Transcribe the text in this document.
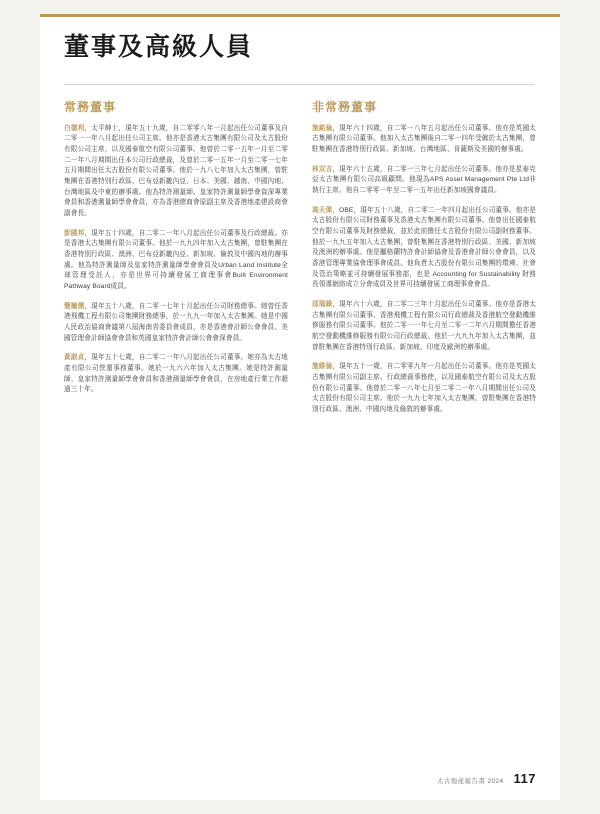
董事及高級人員
常務董事

白德利，太平紳士，現年五十九歲，自二零零八年一月起出任公司董事及自二零一一年八月起出任公司主席。他亦是香港太古集團有限公司及太古股份有限公司主席，以及國泰航空有限公司董事。他曾於二零一五年一月至二零二一年八月期間出任本公司行政總裁，及曾於二零一五年一月至二零一七年五月期間出任太古股份有限公司董事。他於一九八七年加入太古集團，曾駐集團在香港特別行政區、巴布亞新畿內亞、日本、美國、越南、中國內地、台灣地區及中東的辦事處。他為特許測量師、皇家特許測量師學會資深專業會員和香港測量師學會會員，亦為香港總商會原副主席及香港地產建設商會副會長。

彭國邦，現年五十四歲，自二零二一年八月起出任公司董事及行政總裁。亦是香港太古集團有限公司董事。他於一九九四年加入太古集團，曾駐集團在香港特別行政區、澳洲、巴布亞新畿內亞、新加坡、倫敦及中國內地的辦事處。他為特許測量師及皇家特許測量師學會會員及Urban Land Institute全球管理受託人，亦是世界可持續發展工商理事會Built Environment Pathway Board成員。

簡寵儒，現年五十八歲，自二零一七年十月起出任公司財務總事。她曾任香港飛機工程有限公司集團財務總事，於一九九一年加入太古集團。她是中國人民政治協商會議第八屆海南省委員會成員，亦是香港會計師公會會員、美國管理會計師協會會員和英國皇家特許會計師公會會深會員。

黃淑貞，現年五十七歲，自二零二一年八月起出任公司董事。她亦為太古地產有限公司營運事務董事。她於一九六六年加入太古集團。她是特許測量師、皇家特許測量師學會會員和香港測量師學會會員，在房地產行業工作超過三十年。

非常務董事

施銘倫，現年六十四歲，自二零一八年五月起出任公司董事。他亦是英國太古集團有限公司董事。他加入太古集團後自二零一四年受僱於太古集團，曾駐集團在香港特別行政區、新加坡、台灣地區、肯薩斯及美國的辦事處。

林双吉，現年六十五歲，自二零一三年七月起出任公司董事。他亦是星泰克亞太古集團有限公司高級顧問。他現為APS Asset Management Pte Ltd非執行主席。他自二零零一年至二零一五年出任新加坡國會議員。

馮天偉，OBE，現年五十八歲，自二零二一年四月起出任公司董事。他亦是太古股份有限公司財務董事及香港太古集團有限公司董事。他曾出任國泰航空有限公司董事及財務總裁，並於此前擔任太古股份有限公司副財務董事。他於一九九五年加入太古集團，曾駐集團在香港特別行政區、美國、新加坡及澳洲的辦事處。他是屬格蘭特許會計師協會及香港會計師公會會員，以及香港管理專業協會理事會成員。他負責太古股份有限公司集團的環境、社會及管治策略並可持續發展事務部，也是 Accounting for Sustainability 財務長領導網絡成立分會成員及世界可持續發展工商理事會會員。

邵瑞錄，現年六十六歲，自二零二三年十月起出任公司董事。他亦是香港太古集團有限公司董事、香港飛機工程有限公司行政總裁及香港航空發動機維修服務有限公司董事。他於二零一一年七月至二零一二年六月期間擔任香港航空發動機維修服務有限公司行政總裁。他於一九九九年加入太古集團，並曾駐集團在香港特別行政區、新加坡、印度及歐洲的辦事處。

施維倫，現年五十一歲，自二零零九年一月起出任公司董事。他亦是英國太古集團有限公司副主席、行政總裁事務使，以及國泰航空有限公司及太古股份有限公司董事。他曾於二零一八年七月至二零二一年八月期間出任公司及太古股份有限公司主席。他於一九九七年加入太古集團，曾駐集團在香港特別行政區、澳洲、中國內地及倫敦的辦事處。

太古地產報告書 2024 117
